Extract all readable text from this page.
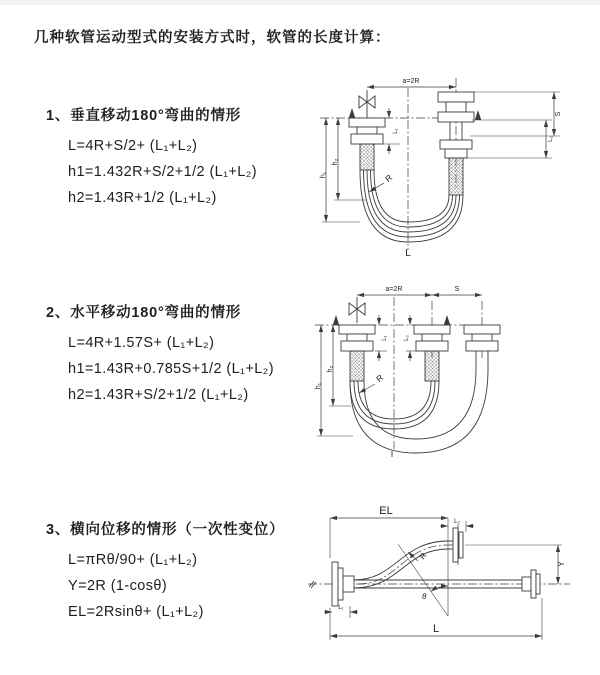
几种软管运动型式的安装方式时，软管的长度计算：
1、垂直移动180°弯曲的情形
L=4R+S/2+ (L₁+L₂)
h1=1.432R+S/2+1/2 (L₁+L₂)
h2=1.43R+1/2 (L₁+L₂)
2、水平移动180°弯曲的情形
L=4R+1.57S+ (L₁+L₂)
h1=1.43R+0.785S+1/2 (L₁+L₂)
h2=1.43R+S/2+1/2 (L₁+L₂)
3、横向位移的情形（一次性变位）
L=πRθ/90+ (L₁+L₂)
Y=2R (1-cosθ)
EL=2Rsinθ+ (L₁+L₂)
R
a=2R
S
L₂
h₁
h₂
L₁
L
R
a=2R	S
h₁
h₂
L₁	L₂
θ
R
EL
L₂
Y
L
L₁
